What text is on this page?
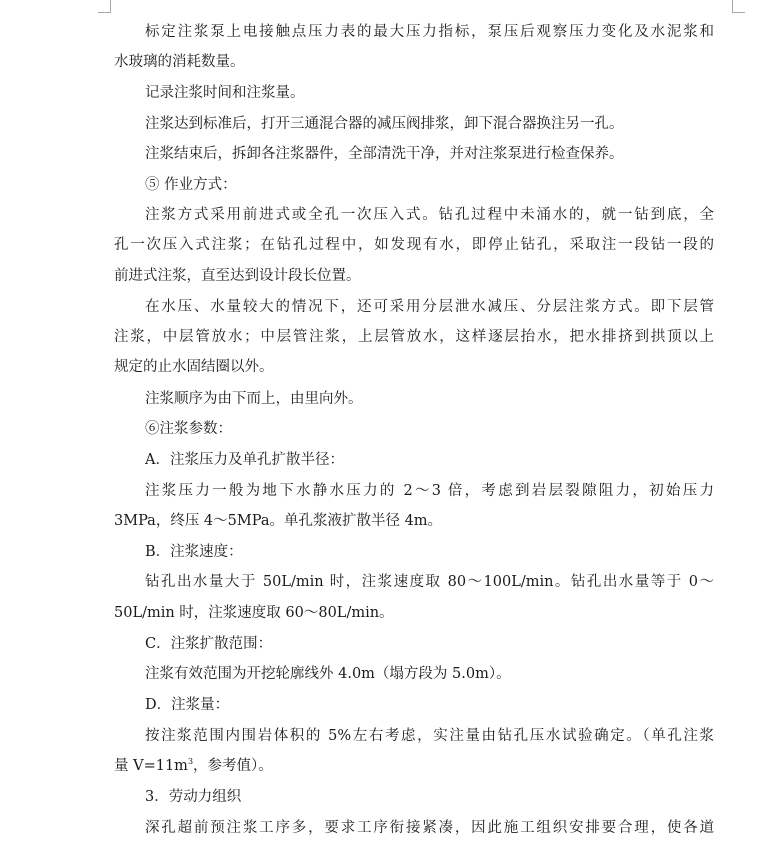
标定注浆泵上电接触点压力表的最大压力指标，泵压后观察压力变化及水泥浆和
水玻璃的消耗数量。
记录注浆时间和注浆量。
注浆达到标准后，打开三通混合器的减压阀排浆，卸下混合器换注另一孔。
注浆结束后，拆卸各注浆器件，全部清洗干净，并对注浆泵进行检查保养。
⑤ 作业方式：
注浆方式采用前进式或全孔一次压入式。钻孔过程中未涌水的，就一钻到底，全
孔一次压入式注浆；在钻孔过程中，如发现有水，即停止钻孔，采取注一段钻一段的
前进式注浆，直至达到设计段长位置。
在水压、水量较大的情况下，还可采用分层泄水减压、分层注浆方式。即下层管
注浆，中层管放水；中层管注浆，上层管放水，这样逐层抬水，把水排挤到拱顶以上
规定的止水固结圈以外。
注浆顺序为由下而上，由里向外。
⑥注浆参数：
A．注浆压力及单孔扩散半径：
注浆压力一般为地下水静水压力的 2～3 倍，考虑到岩层裂隙阻力，初始压力
3MPa，终压 4～5MPa。单孔浆液扩散半径 4m。
B．注浆速度：
钻孔出水量大于 50L/min 时，注浆速度取 80～100L/min。钻孔出水量等于 0～
50L/min 时，注浆速度取 60～80L/min。
C．注浆扩散范围：
注浆有效范围为开挖轮廓线外 4.0m（塌方段为 5.0m）。
D．注浆量：
按注浆范围内围岩体积的 5%左右考虑，实注量由钻孔压水试验确定。（单孔注浆
量 $V=11m^3$，参考值）。
3．劳动力组织
深孔超前预注浆工序多，要求工序衔接紧凑，因此施工组织安排要合理，使各道
